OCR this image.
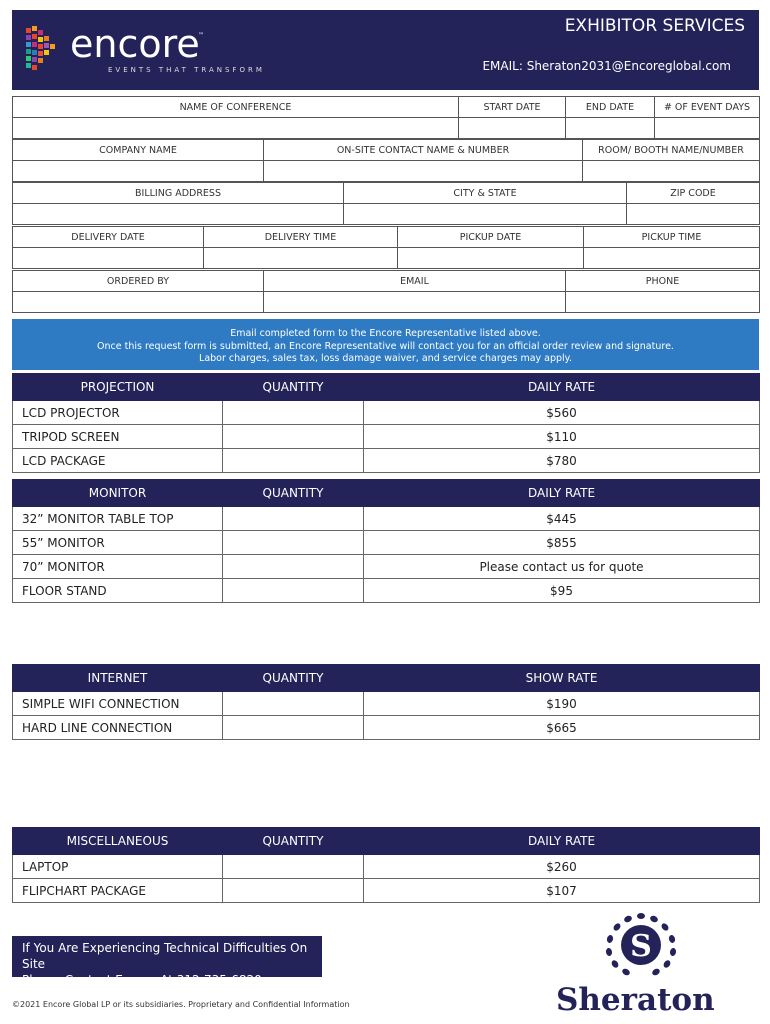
encore
™
EVENTS THAT TRANSFORM
EXHIBITOR SERVICES
EMAIL: Sheraton2031@Encoreglobal.com
NAME OF CONFERENCE	START DATE	END DATE	# OF EVENT DAYS

COMPANY NAME	ON-SITE CONTACT NAME & NUMBER	ROOM/ BOOTH NAME/NUMBER

BILLING ADDRESS	CITY & STATE	ZIP CODE

DELIVERY DATE	DELIVERY TIME	PICKUP DATE	PICKUP TIME

ORDERED BY	EMAIL	PHONE

Email completed form to the Encore Representative listed above.
Once this request form is submitted, an Encore Representative will contact you for an official order review and signature.
Labor charges, sales tax, loss damage waiver, and service charges may apply.
PROJECTION	QUANTITY	DAILY RATE
LCD PROJECTOR		$560
TRIPOD SCREEN		$110
LCD PACKAGE		$780
MONITOR	QUANTITY	DAILY RATE
32” MONITOR TABLE TOP		$445
55” MONITOR		$855
70” MONITOR		Please contact us for quote
FLOOR STAND		$95
INTERNET	QUANTITY	SHOW RATE
SIMPLE WIFI CONNECTION		$190
HARD LINE CONNECTION		$665
MISCELLANEOUS	QUANTITY	DAILY RATE
LAPTOP		$260
FLIPCHART PACKAGE		$107
If You Are Experiencing Technical Difficulties On Site
Please Contact Encore At 312-735-6820
©2021 Encore Global LP or its subsidiaries. Proprietary and Confidential Information
S
Sheraton
